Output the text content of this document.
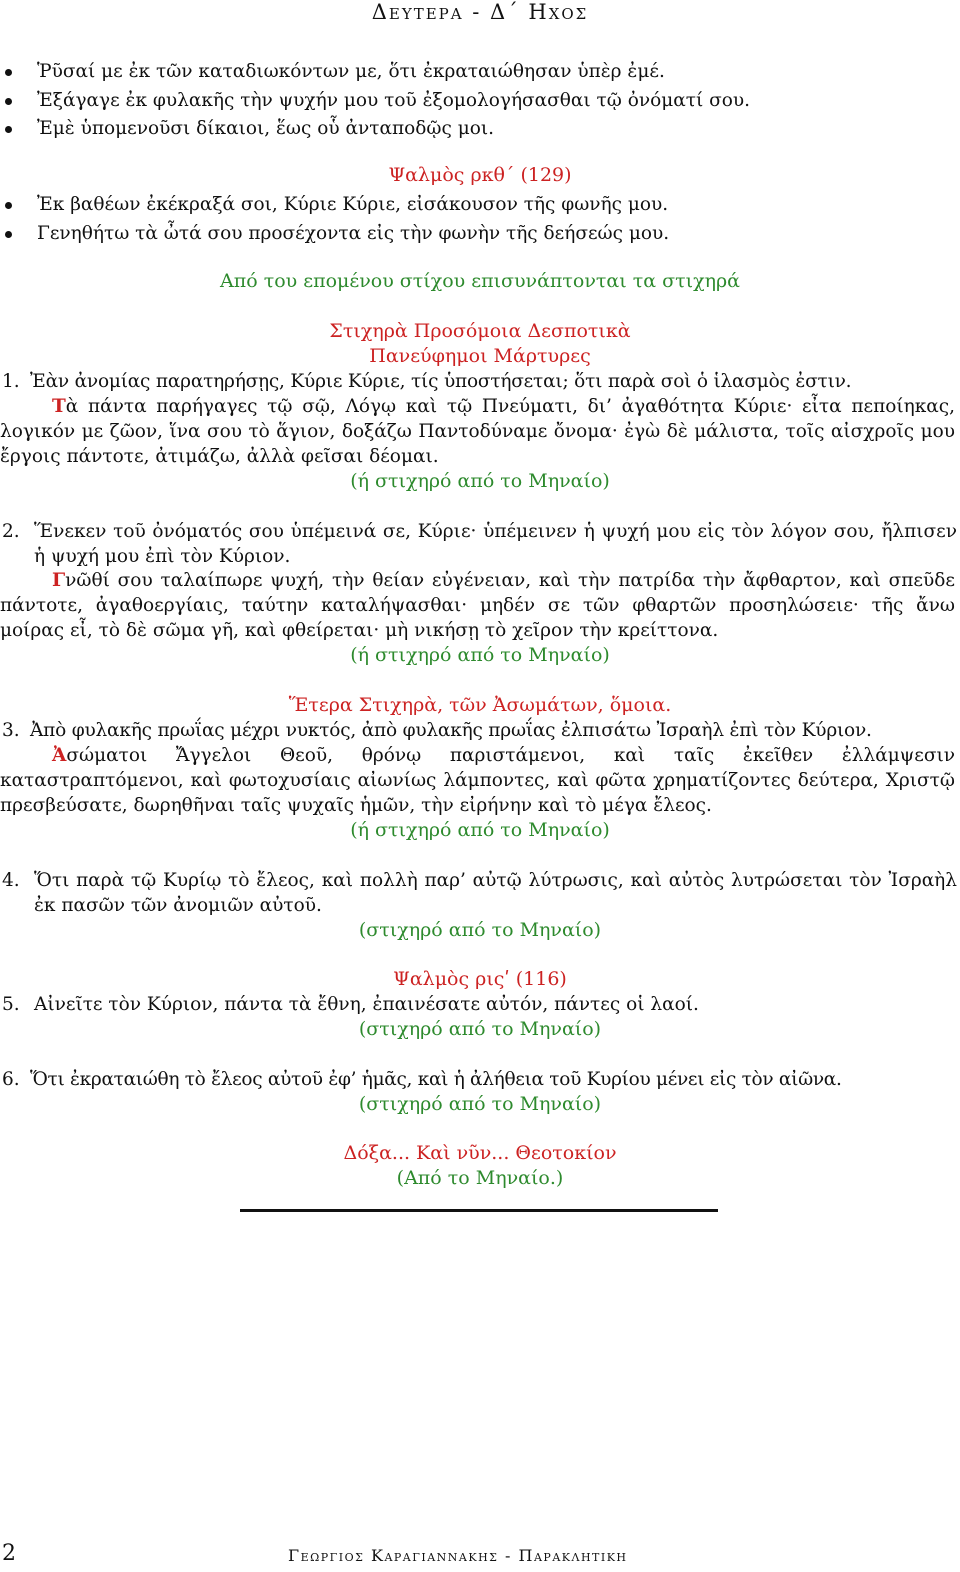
Δευτερα - Δ΄ Ηχος
Ῥῦσαί με ἐκ τῶν καταδιωκόντων με, ὅτι ἐκραταιώθησαν ὑπὲρ ἐμέ.
Ἐξάγαγε ἐκ φυλακῆς τὴν ψυχήν μου τοῦ ἐξομολογήσασθαι τῷ ὀνόματί σου.
Ἐμὲ ὑπομενοῦσι δίκαιοι, ἕως οὗ ἀνταποδῷς μοι.
Ψαλμὸς ρκθ΄ (129)
Ἐκ βαθέων ἐκέκραξά σοι, Κύριε Κύριε, εἰσάκουσον τῆς φωνῆς μου.
Γενηθήτω τὰ ὦτά σου προσέχοντα εἰς τὴν φωνὴν τῆς δεήσεώς μου.
Από του επομένου στίχου επισυνάπτονται τα στιχηρά
Στιχηρὰ Προσόμοια Δεσποτικὰ
Πανεύφημοι Μάρτυρες
1. Ἐὰν ἀνομίας παρατηρήσῃς, Κύριε Κύριε, τίς ὑποστήσεται; ὅτι παρὰ σοὶ ὁ ἱλασμὸς ἐστιν.
Τὰ πάντα παρήγαγες τῷ σῷ, Λόγῳ καὶ τῷ Πνεύματι, δι’ ἀγαθότητα Κύριε· εἶτα πεποίηκας, λογικόν με ζῶον, ἵνα σου τὸ ἅγιον, δοξάζω Παντοδύναμε ὄνομα· ἐγὼ δὲ μάλιστα, τοῖς αἰσχροῖς μου ἔργοις πάντοτε, ἀτιμάζω, ἀλλὰ φεῖσαι δέομαι.
(ή στιχηρό από το Μηναίο)
2. Ἕνεκεν τοῦ ὀνόματός σου ὑπέμεινά σε, Κύριε· ὑπέμεινεν ἡ ψυχή μου εἰς τὸν λόγον σου, ἤλπισεν ἡ ψυχή μου ἐπὶ τὸν Κύριον.
Γνῶθί σου ταλαίπωρε ψυχή, τὴν θείαν εὐγένειαν, καὶ τὴν πατρίδα τὴν ἄφθαρτον, καὶ σπεῦδε πάντοτε, ἀγαθοεργίαις, ταύτην καταλήψασθαι· μηδέν σε τῶν φθαρτῶν προσηλώσειε· τῆς ἄνω μοίρας εἶ, τὸ δὲ σῶμα γῆ, καὶ φθείρεται· μὴ νικήσῃ τὸ χεῖρον τὴν κρείττονα.
(ή στιχηρό από το Μηναίο)
Ἕτερα Στιχηρὰ, τῶν Ἀσωμάτων, ὅμοια.
3. Ἀπὸ φυλακῆς πρωΐας μέχρι νυκτός, ἀπὸ φυλακῆς πρωΐας ἐλπισάτω Ἰσραὴλ ἐπὶ τὸν Κύριον.
Ἀσώματοι Ἄγγελοι Θεοῦ, θρόνῳ παριστάμενοι, καὶ ταῖς ἐκεῖθεν ἐλλάμψεσιν καταστραπτόμενοι, καὶ φωτοχυσίαις αἰωνίως λάμποντες, καὶ φῶτα χρηματίζοντες δεύτερα, Χριστῷ πρεσβεύσατε, δωρηθῆναι ταῖς ψυχαῖς ἡμῶν, τὴν εἰρήνην καὶ τὸ μέγα ἔλεος.
(ή στιχηρό από το Μηναίο)
4. Ὅτι παρὰ τῷ Κυρίῳ τὸ ἔλεος, καὶ πολλὴ παρ’ αὐτῷ λύτρωσις, καὶ αὐτὸς λυτρώσεται τὸν Ἰσραὴλ ἐκ πασῶν τῶν ἀνομιῶν αὐτοῦ.
(στιχηρό από το Μηναίο)
Ψαλμὸς ριςʹ (116)
5. Αἰνεῖτε τὸν Κύριον, πάντα τὰ ἔθνη, ἐπαινέσατε αὐτόν, πάντες οἱ λαοί.
(στιχηρό από το Μηναίο)
6. Ὅτι ἐκραταιώθη τὸ ἔλεος αὐτοῦ ἐφ’ ἡμᾶς, καὶ ἡ ἀλήθεια τοῦ Κυρίου μένει εἰς τὸν αἰῶνα.
(στιχηρό από το Μηναίο)
Δόξα... Καὶ νῦν... Θεοτοκίον
(Από το Μηναίο.)
2	Γεωργιος Καραγιαννακης - Παρακλητικη
